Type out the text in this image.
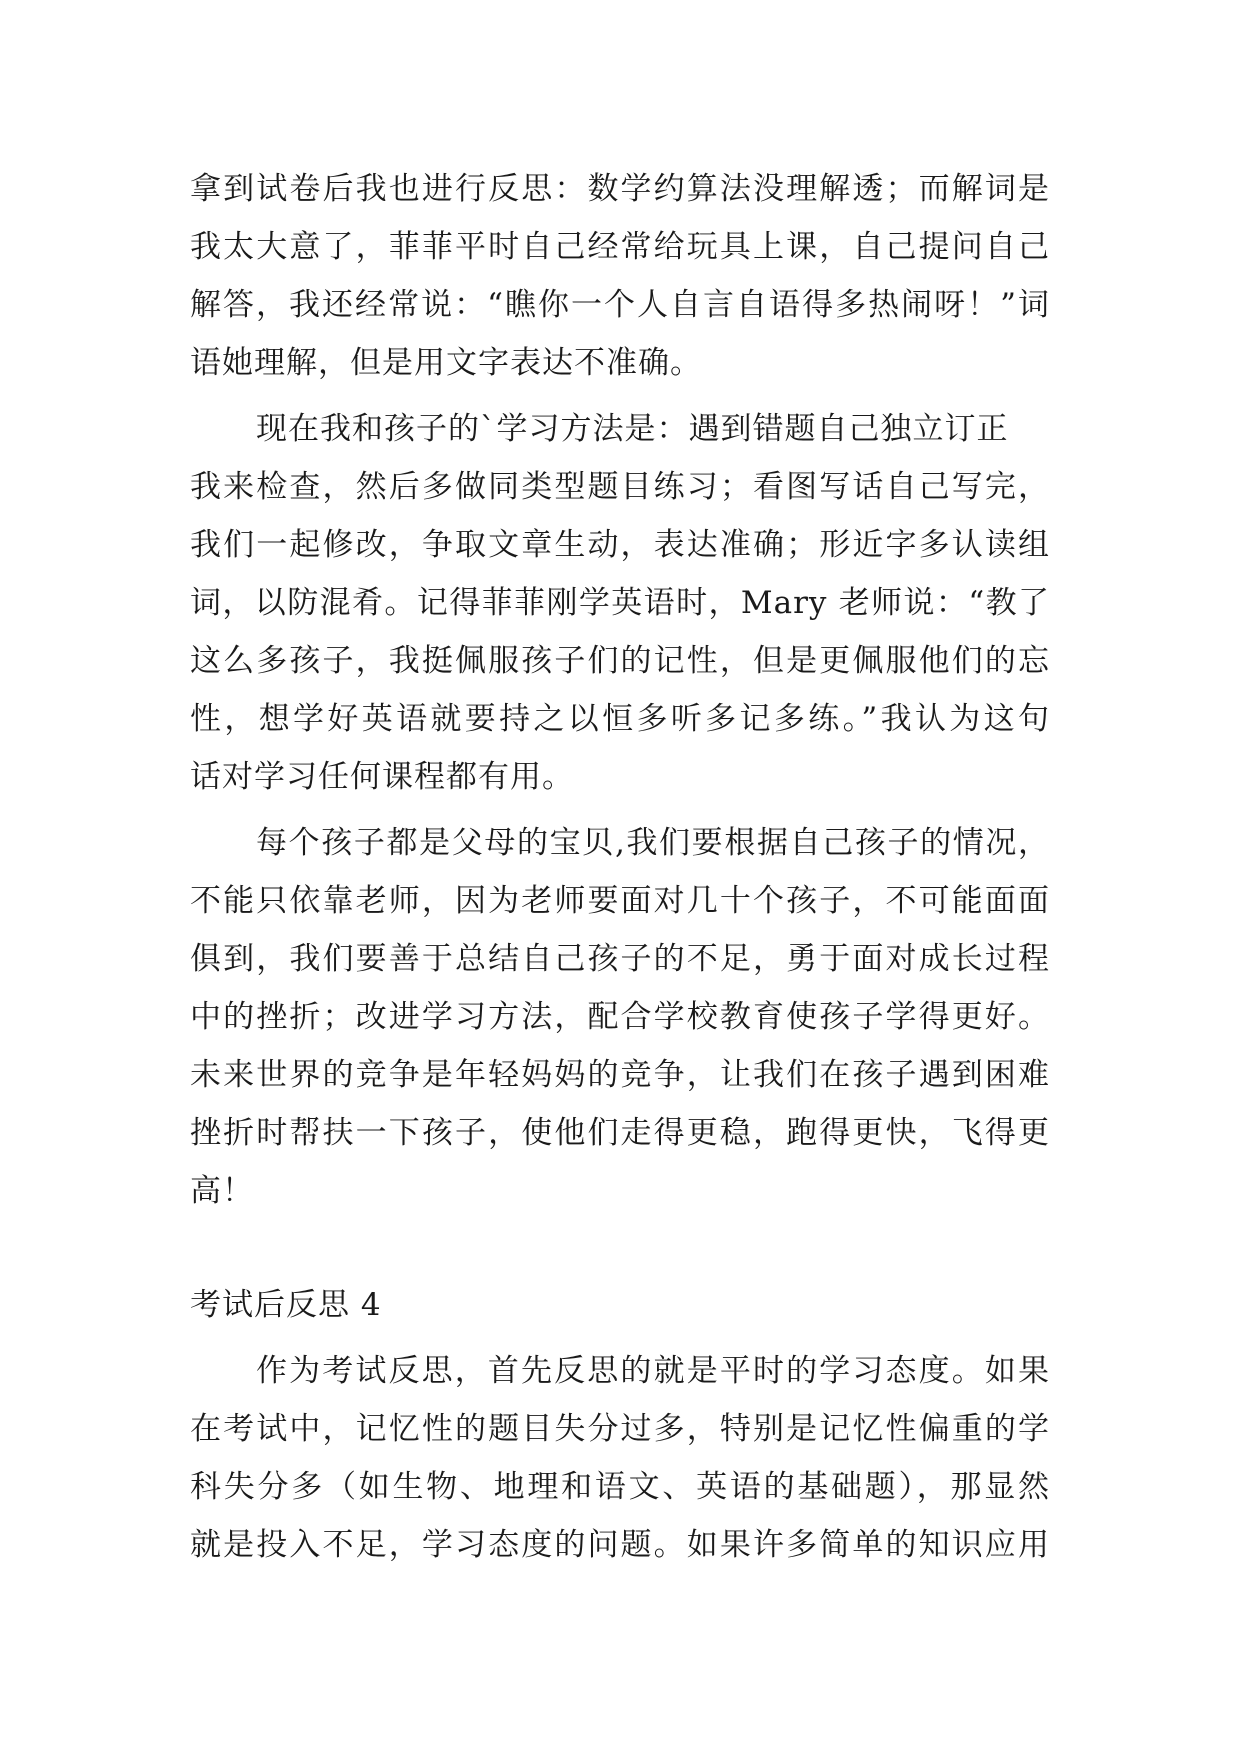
拿到试卷后我也进行反思：数学约算法没理解透；而解词是
我太大意了，菲菲平时自己经常给玩具上课，自己提问自己
解答，我还经常说：“瞧你一个人自言自语得多热闹呀！”词
语她理解，但是用文字表达不准确。
现在我和孩子的`学习方法是：遇到错题自己独立订正
我来检查，然后多做同类型题目练习；看图写话自己写完，
我们一起修改，争取文章生动，表达准确；形近字多认读组
词，以防混肴。记得菲菲刚学英语时，Mary 老师说：“教了
这么多孩子，我挺佩服孩子们的记性，但是更佩服他们的忘
性，想学好英语就要持之以恒多听多记多练。”我认为这句
话对学习任何课程都有用。
每个孩子都是父母的宝贝,我们要根据自己孩子的情况，
不能只依靠老师，因为老师要面对几十个孩子，不可能面面
俱到，我们要善于总结自己孩子的不足，勇于面对成长过程
中的挫折；改进学习方法，配合学校教育使孩子学得更好。
未来世界的竞争是年轻妈妈的竞争，让我们在孩子遇到困难
挫折时帮扶一下孩子，使他们走得更稳，跑得更快，飞得更
高！
考试后反思 4
作为考试反思，首先反思的就是平时的学习态度。如果
在考试中，记忆性的题目失分过多，特别是记忆性偏重的学
科失分多（如生物、地理和语文、英语的基础题），那显然
就是投入不足，学习态度的问题。如果许多简单的知识应用
